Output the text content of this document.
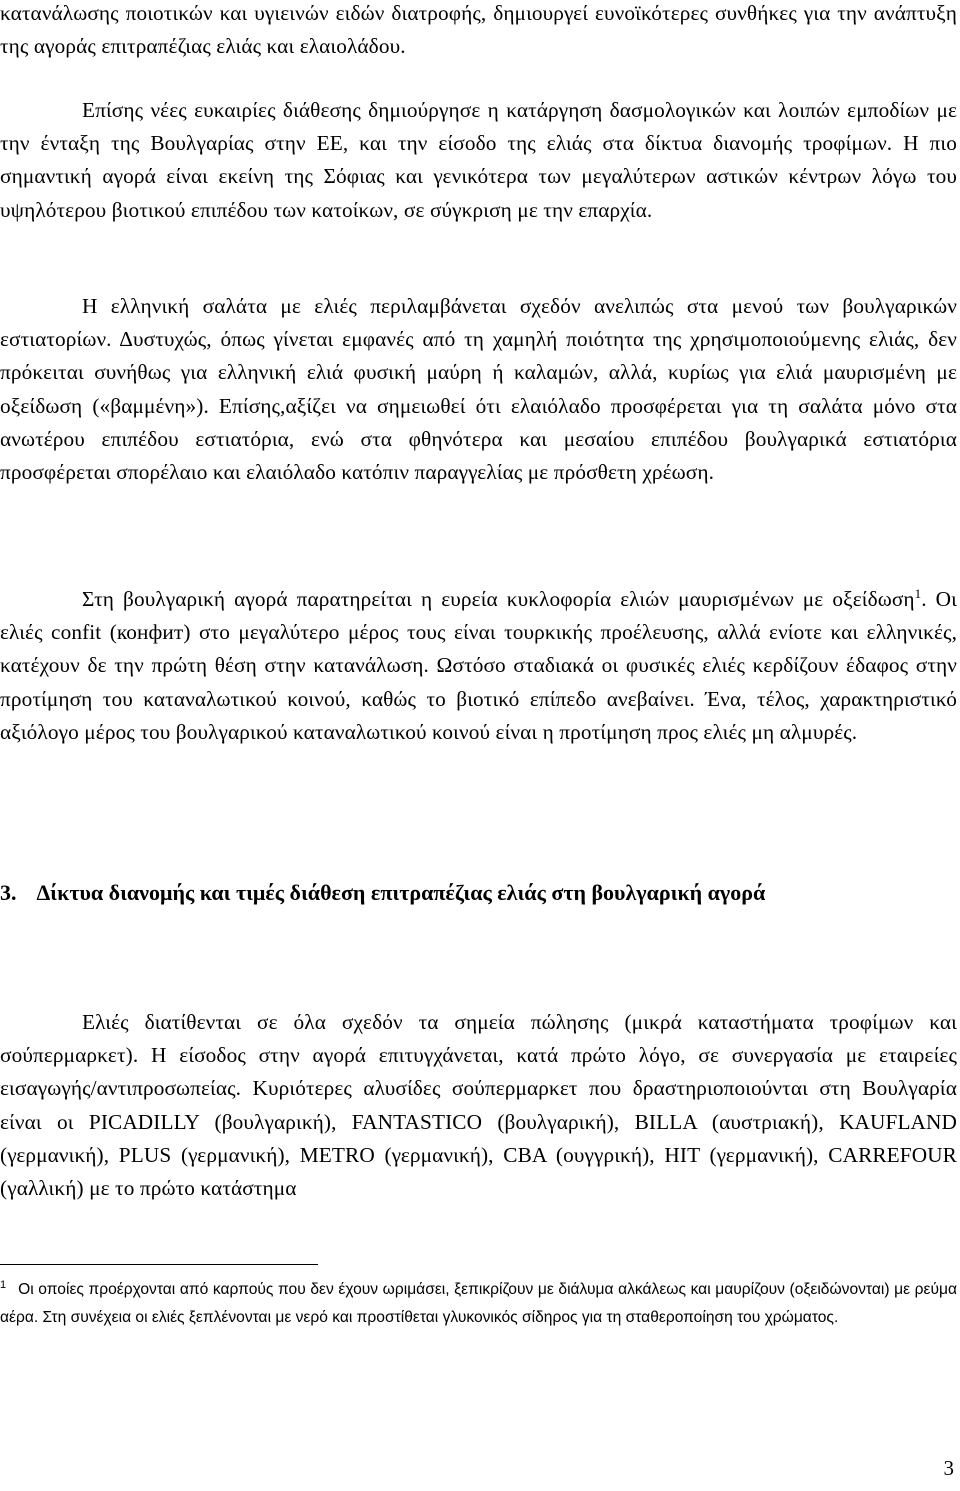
κατανάλωσης ποιοτικών και υγιεινών ειδών διατροφής, δημιουργεί ευνοϊκότερες συνθήκες για την ανάπτυξη της αγοράς επιτραπέζιας ελιάς και ελαιολάδου.

Επίσης νέες ευκαιρίες διάθεσης δημιούργησε η κατάργηση δασμολογικών και λοιπών εμποδίων με την ένταξη της Βουλγαρίας στην ΕΕ, και την είσοδο της ελιάς στα δίκτυα διανομής τροφίμων. Η πιο σημαντική αγορά είναι εκείνη της Σόφιας και γενικότερα των μεγαλύτερων αστικών κέντρων λόγω του υψηλότερου βιοτικού επιπέδου των κατοίκων, σε σύγκριση με την επαρχία.

Η ελληνική σαλάτα με ελιές περιλαμβάνεται σχεδόν ανελιπώς στα μενού των βουλγαρικών εστιατορίων. Δυστυχώς, όπως γίνεται εμφανές από τη χαμηλή ποιότητα της χρησιμοποιούμενης ελιάς, δεν πρόκειται συνήθως για ελληνική ελιά φυσική μαύρη ή καλαμών, αλλά, κυρίως για ελιά μαυρισμένη με οξείδωση («βαμμένη»). Επίσης,αξίζει να σημειωθεί ότι ελαιόλαδο προσφέρεται για τη σαλάτα μόνο στα ανωτέρου επιπέδου εστιατόρια, ενώ στα φθηνότερα και μεσαίου επιπέδου βουλγαρικά εστιατόρια προσφέρεται σπορέλαιο και ελαιόλαδο κατόπιν παραγγελίας με πρόσθετη χρέωση.

Στη βουλγαρική αγορά παρατηρείται η ευρεία κυκλοφορία ελιών μαυρισμένων με οξείδωση$^1$. Οι ελιές confit (конфит) στο μεγαλύτερο μέρος τους είναι τουρκικής προέλευσης, αλλά ενίοτε και ελληνικές, κατέχουν δε την πρώτη θέση στην κατανάλωση. Ωστόσο σταδιακά οι φυσικές ελιές κερδίζουν έδαφος στην προτίμηση του καταναλωτικού κοινού, καθώς το βιοτικό επίπεδο ανεβαίνει. Ένα, τέλος, χαρακτηριστικό αξιόλογο μέρος του βουλγαρικού καταναλωτικού κοινού είναι η προτίμηση προς ελιές μη αλμυρές.

3. Δίκτυα διανομής και τιμές διάθεση επιτραπέζιας ελιάς στη βουλγαρική αγορά

Ελιές διατίθενται σε όλα σχεδόν τα σημεία πώλησης (μικρά καταστήματα τροφίμων και σούπερμαρκετ). Η είσοδος στην αγορά επιτυγχάνεται, κατά πρώτο λόγο, σε συνεργασία με εταιρείες εισαγωγής/αντιπροσωπείας. Κυριότερες αλυσίδες σούπερμαρκετ που δραστηριοποιούνται στη Βουλγαρία είναι οι PICADILLY (βουλγαρική), FANTASTICO (βουλγαρική), BILLA (αυστριακή), KAUFLAND (γερμανική), PLUS (γερμανική), METRO (γερμανική), CBA (ουγγρική), HIT (γερμανική), CARREFOUR (γαλλική) με το πρώτο κατάστημα

$^1$ Οι οποίες προέρχονται από καρπούς που δεν έχουν ωριμάσει, ξεπικρίζουν με διάλυμα αλκάλεως και μαυρίζουν (οξειδώνονται) με ρεύμα αέρα. Στη συνέχεια οι ελιές ξεπλένονται με νερό και προστίθεται γλυκονικός σίδηρος για τη σταθεροποίηση του χρώματος.

3
